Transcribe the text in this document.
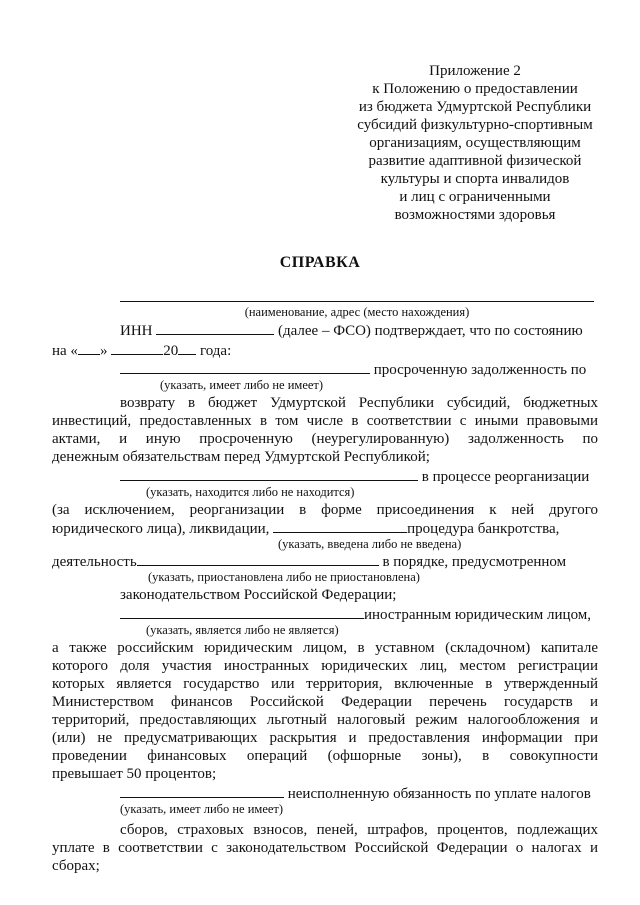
Приложение 2
к Положению о предоставлении
из бюджета Удмуртской Республики
субсидий физкультурно-спортивным
организациям, осуществляющим
развитие адаптивной физической
культуры и спорта инвалидов
и лиц с ограниченными
возможностями здоровья
СПРАВКА
(наименование, адрес (место нахождения)
ИНН	(далее – ФСО) подтверждает, что по состоянию
на « »	20 года:
просроченную задолженность по
(указать, имеет либо не имеет)
возврату в бюджет Удмуртской Республики субсидий, бюджетных
инвестиций, предоставленных в том числе в соответствии с иными правовыми
актами, и иную просроченную (неурегулированную) задолженность по
денежным обязательствам перед Удмуртской Республикой;
в процессе реорганизации
(указать, находится либо не находится)
(за исключением, реорганизации в форме присоединения к ней другого
юридического лица), ликвидации,	процедура банкротства,
(указать, введена либо не введена)
деятельность	в порядке, предусмотренном
(указать, приостановлена либо не приостановлена)
законодательством Российской Федерации;
иностранным юридическим лицом,
(указать, является либо не является)
а также российским юридическим лицом, в уставном (складочном) капитале
которого доля участия иностранных юридических лиц, местом регистрации
которых является государство или территория, включенные в утвержденный
Министерством финансов Российской Федерации перечень государств и
территорий, предоставляющих льготный налоговый режим налогообложения и
(или) не предусматривающих раскрытия и предоставления информации при
проведении финансовых операций (офшорные зоны), в совокупности
превышает 50 процентов;
неисполненную обязанность по уплате налогов
(указать, имеет либо не имеет)
сборов, страховых взносов, пеней, штрафов, процентов, подлежащих
уплате в соответствии с законодательством Российской Федерации о налогах и
сборах;
